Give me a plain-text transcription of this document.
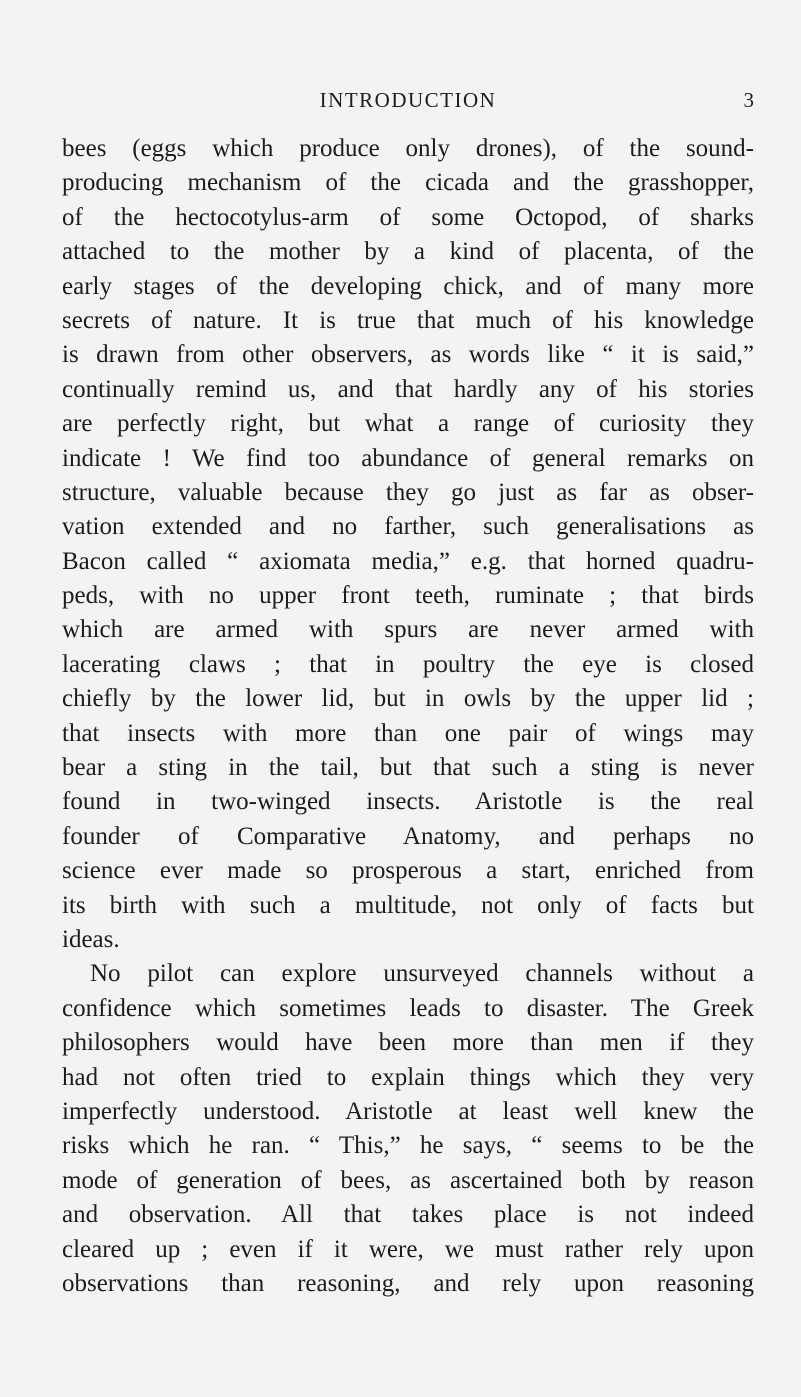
INTRODUCTION	3
bees (eggs which produce only drones), of the sound-
producing mechanism of the cicada and the grasshopper,
of the hectocotylus-arm of some Octopod, of sharks
attached to the mother by a kind of placenta, of the
early stages of the developing chick, and of many more
secrets of nature. It is true that much of his knowledge
is drawn from other observers, as words like “ it is said,”
continually remind us, and that hardly any of his stories
are perfectly right, but what a range of curiosity they
indicate ! We find too abundance of general remarks on
structure, valuable because they go just as far as obser-
vation extended and no farther, such generalisations as
Bacon called “ axiomata media,” e.g. that horned quadru-
peds, with no upper front teeth, ruminate ; that birds
which are armed with spurs are never armed with
lacerating claws ; that in poultry the eye is closed
chiefly by the lower lid, but in owls by the upper lid ;
that insects with more than one pair of wings may
bear a sting in the tail, but that such a sting is never
found in two-winged insects. Aristotle is the real
founder of Comparative Anatomy, and perhaps no
science ever made so prosperous a start, enriched from
its birth with such a multitude, not only of facts but
ideas.
No pilot can explore unsurveyed channels without a
confidence which sometimes leads to disaster. The Greek
philosophers would have been more than men if they
had not often tried to explain things which they very
imperfectly understood. Aristotle at least well knew the
risks which he ran. “ This,” he says, “ seems to be the
mode of generation of bees, as ascertained both by reason
and observation. All that takes place is not indeed
cleared up ; even if it were, we must rather rely upon
observations than reasoning, and rely upon reasoning
